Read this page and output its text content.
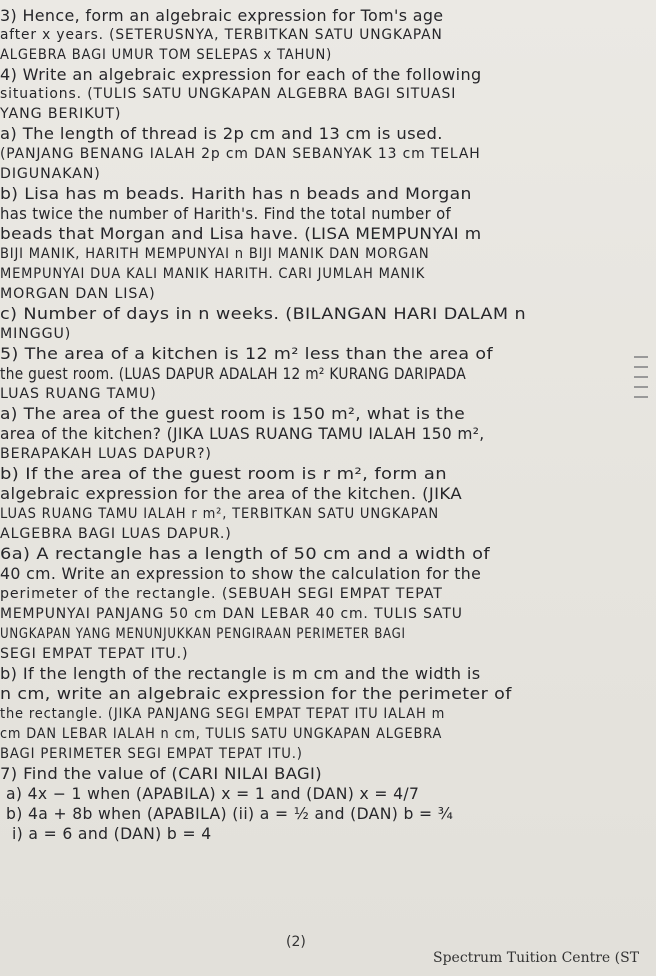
3) Hence, form an algebraic expression for Tom's age
after x years. (SETERUSNYA, TERBITKAN SATU UNGKAPAN
ALGEBRA BAGI UMUR TOM SELEPAS x TAHUN)
4) Write an algebraic expression for each of the following
situations. (TULIS SATU UNGKAPAN ALGEBRA BAGI SITUASI
YANG BERIKUT)
a) The length of thread is 2p cm and 13 cm is used.
(PANJANG BENANG IALAH 2p cm DAN SEBANYAK 13 cm TELAH
DIGUNAKAN)
b) Lisa has m beads. Harith has n beads and Morgan
has twice the number of Harith's. Find the total number of
beads that Morgan and Lisa have. (LISA MEMPUNYAI m
BIJI MANIK, HARITH MEMPUNYAI n BIJI MANIK DAN MORGAN
MEMPUNYAI DUA KALI MANIK HARITH. CARI JUMLAH MANIK
MORGAN DAN LISA)
c) Number of days in n weeks. (BILANGAN HARI DALAM n
MINGGU)
5) The area of a kitchen is 12 m² less than the area of
the guest room. (LUAS DAPUR ADALAH 12 m² KURANG DARIPADA
LUAS RUANG TAMU)
a) The area of the guest room is 150 m², what is the
area of the kitchen? (JIKA LUAS RUANG TAMU IALAH 150 m²,
BERAPAKAH LUAS DAPUR?)
b) If the area of the guest room is r m², form an
algebraic expression for the area of the kitchen. (JIKA
LUAS RUANG TAMU IALAH r m², TERBITKAN SATU UNGKAPAN
ALGEBRA BAGI LUAS DAPUR.)
6a) A rectangle has a length of 50 cm and a width of
40 cm. Write an expression to show the calculation for the
perimeter of the rectangle. (SEBUAH SEGI EMPAT TEPAT
MEMPUNYAI PANJANG 50 cm DAN LEBAR 40 cm. TULIS SATU
UNGKAPAN YANG MENUNJUKKAN PENGIRAAN PERIMETER BAGI
SEGI EMPAT TEPAT ITU.)
b) If the length of the rectangle is m cm and the width is
n cm, write an algebraic expression for the perimeter of
the rectangle. (JIKA PANJANG SEGI EMPAT TEPAT ITU IALAH m
cm DAN LEBAR IALAH n cm, TULIS SATU UNGKAPAN ALGEBRA
BAGI PERIMETER SEGI EMPAT TEPAT ITU.)
7) Find the value of (CARI NILAI BAGI)
a) 4x − 1 when (APABILA) x = 1 and (DAN) x = 4/7
b) 4a + 8b when (APABILA) (ii) a = ½ and (DAN) b = ¾
i) a = 6 and (DAN) b = 4
(2)
Spectrum Tuition Centre (ST
